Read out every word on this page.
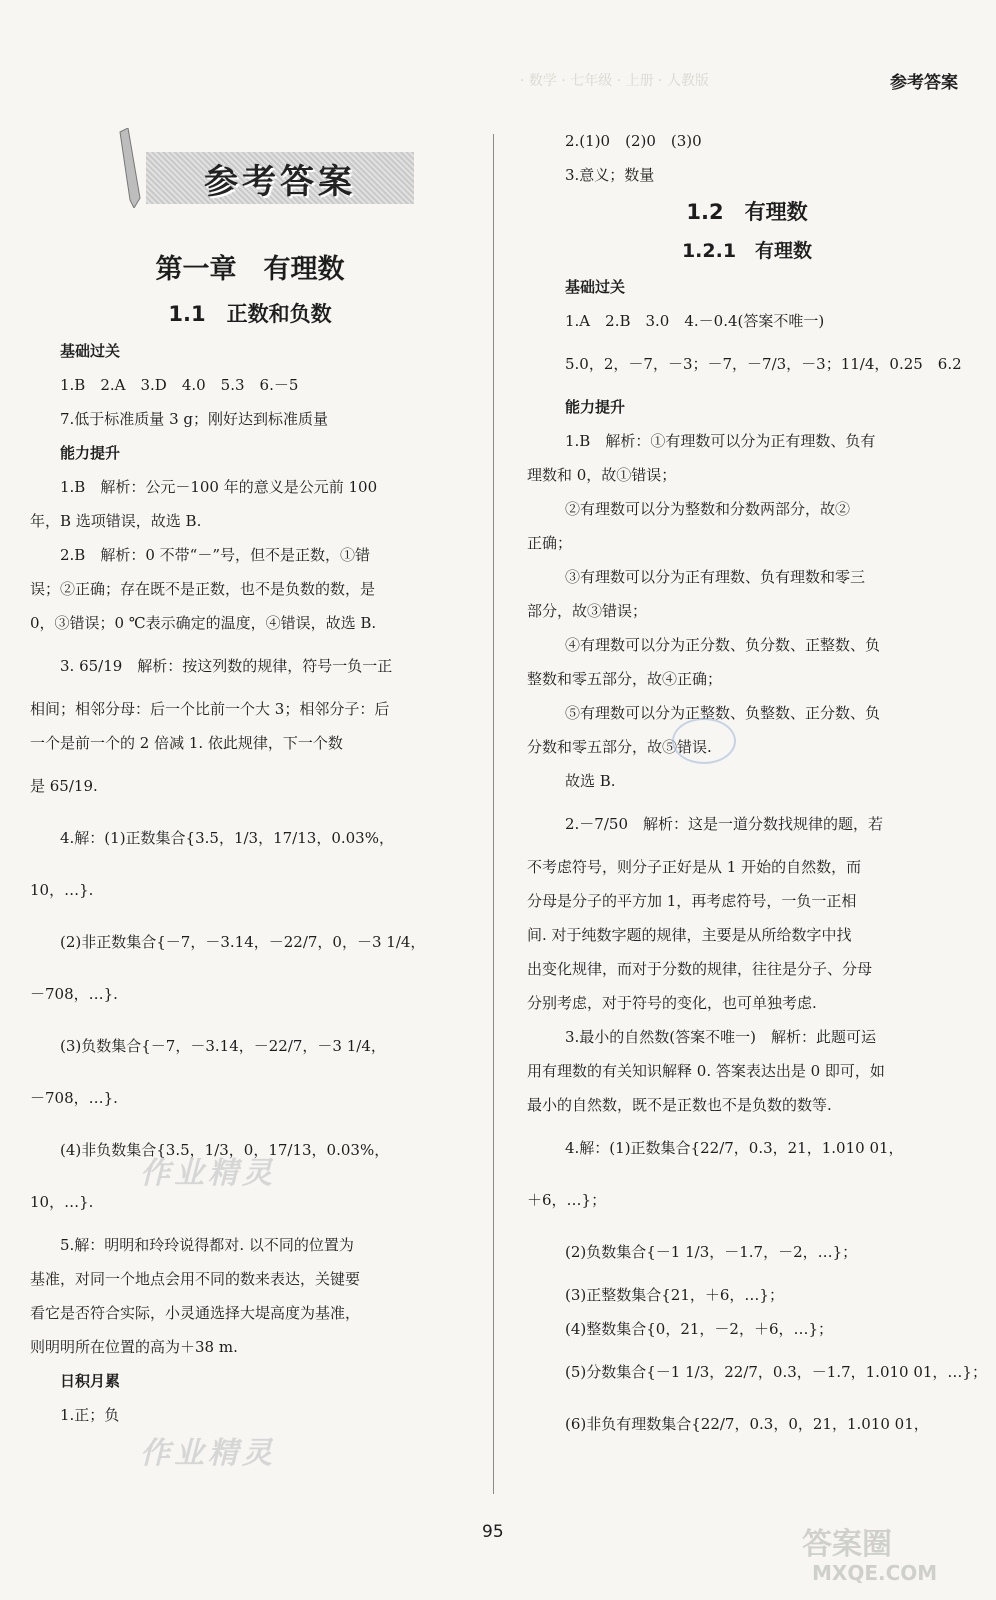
· 数学 · 七年级 · 上册 · 人教版	参考答案
参考答案

第一章　有理数

1.1　正数和负数

基础过关

1.B　2.A　3.D　4.0　5.3　6.－5

7.低于标准质量 3 g；刚好达到标准质量

能力提升

1.B　解析：公元－100 年的意义是公元前 100

年，B 选项错误，故选 B.

2.B　解析：0 不带“－”号，但不是正数，①错

误；②正确；存在既不是正数，也不是负数的数，是

0，③错误；0 ℃表示确定的温度，④错误，故选 B.

3. 65/19　解析：按这列数的规律，符号一负一正

相间；相邻分母：后一个比前一个大 3；相邻分子：后

一个是前一个的 2 倍减 1. 依此规律，下一个数

是 65/19.

4.解：(1)正数集合{3.5，1/3，17/13，0.03%，

10，…}.

(2)非正数集合{－7，－3.14，－22/7，0，－3 1/4，

－708，…}.

(3)负数集合{－7，－3.14，－22/7，－3 1/4，

－708，…}.

(4)非负数集合{3.5，1/3，0，17/13，0.03%，

10，…}.

5.解：明明和玲玲说得都对. 以不同的位置为

基准，对同一个地点会用不同的数来表达，关键要

看它是否符合实际，小灵通选择大堤高度为基准，

则明明所在位置的高为＋38 m.

日积月累

1.正；负

2.(1)0　(2)0　(3)0

3.意义；数量

1.2　有理数

1.2.1　有理数

基础过关

1.A　2.B　3.0　4.－0.4(答案不唯一)

5.0，2，－7，－3；－7，－7/3，－3；11/4，0.25　6.2

能力提升

1.B　解析：①有理数可以分为正有理数、负有

理数和 0，故①错误；

②有理数可以分为整数和分数两部分，故②

正确；

③有理数可以分为正有理数、负有理数和零三

部分，故③错误；

④有理数可以分为正分数、负分数、正整数、负

整数和零五部分，故④正确；

⑤有理数可以分为正整数、负整数、正分数、负

分数和零五部分，故⑤错误.

故选 B.

2.－7/50　解析：这是一道分数找规律的题，若

不考虑符号，则分子正好是从 1 开始的自然数，而

分母是分子的平方加 1，再考虑符号，一负一正相

间. 对于纯数字题的规律，主要是从所给数字中找

出变化规律，而对于分数的规律，往往是分子、分母

分别考虑，对于符号的变化，也可单独考虑.

3.最小的自然数(答案不唯一)　解析：此题可运

用有理数的有关知识解释 0. 答案表达出是 0 即可，如

最小的自然数，既不是正数也不是负数的数等.

4.解：(1)正数集合{22/7，0.3，21，1.010 01，

＋6，…}；

(2)负数集合{－1 1/3，－1.7，－2，…}；

(3)正整数集合{21，＋6，…}；

(4)整数集合{0，21，－2，＋6，…}；

(5)分数集合{－1 1/3，22/7，0.3，－1.7，1.010 01，…}；

(6)非负有理数集合{22/7，0.3，0，21，1.010 01，

作业精灵
作业精灵
95	答案圈
MXQE.COM
